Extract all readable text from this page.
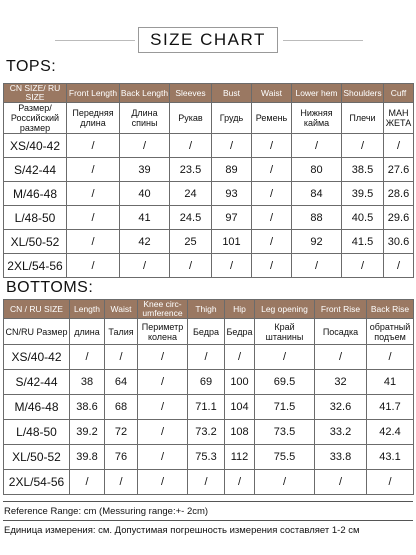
SIZE CHART
TOPS:
CN SIZE/ RU SIZE	Front Length	Back Length	Sleeves	Bust	Waist	Lower hem	Shoulders	Cuff
Размер/ Российский размер	Передняя длина	Длина спины	Рукав	Грудь	Ремень	Нижняя кайма	Плечи	МАН ЖЕТА
XS/40-42	/	/	/	/	/	/	/	/
S/42-44	/	39	23.5	89	/	80	38.5	27.6
M/46-48	/	40	24	93	/	84	39.5	28.6
L/48-50	/	41	24.5	97	/	88	40.5	29.6
XL/50-52	/	42	25	101	/	92	41.5	30.6
2XL/54-56	/	/	/	/	/	/	/	/
BOTTOMS:
CN / RU SIZE	Length	Waist	Knee circ-umference	Thigh	Hip	Leg opening	Front Rise	Back Rise
CN/RU Размер	длина	Талия	Периметр колена	Бедра	Бедра	Край штанины	Посадка	обратный подъем
XS/40-42	/	/	/	/	/	/	/	/
S/42-44	38	64	/	69	100	69.5	32	41
M/46-48	38.6	68	/	71.1	104	71.5	32.6	41.7
L/48-50	39.2	72	/	73.2	108	73.5	33.2	42.4
XL/50-52	39.8	76	/	75.3	112	75.5	33.8	43.1
2XL/54-56	/	/	/	/	/	/	/	/
Reference Range: cm (Messuring range:+- 2cm)
Единица измерения: см. Допустимая погрешность измерения составляет 1-2 см
